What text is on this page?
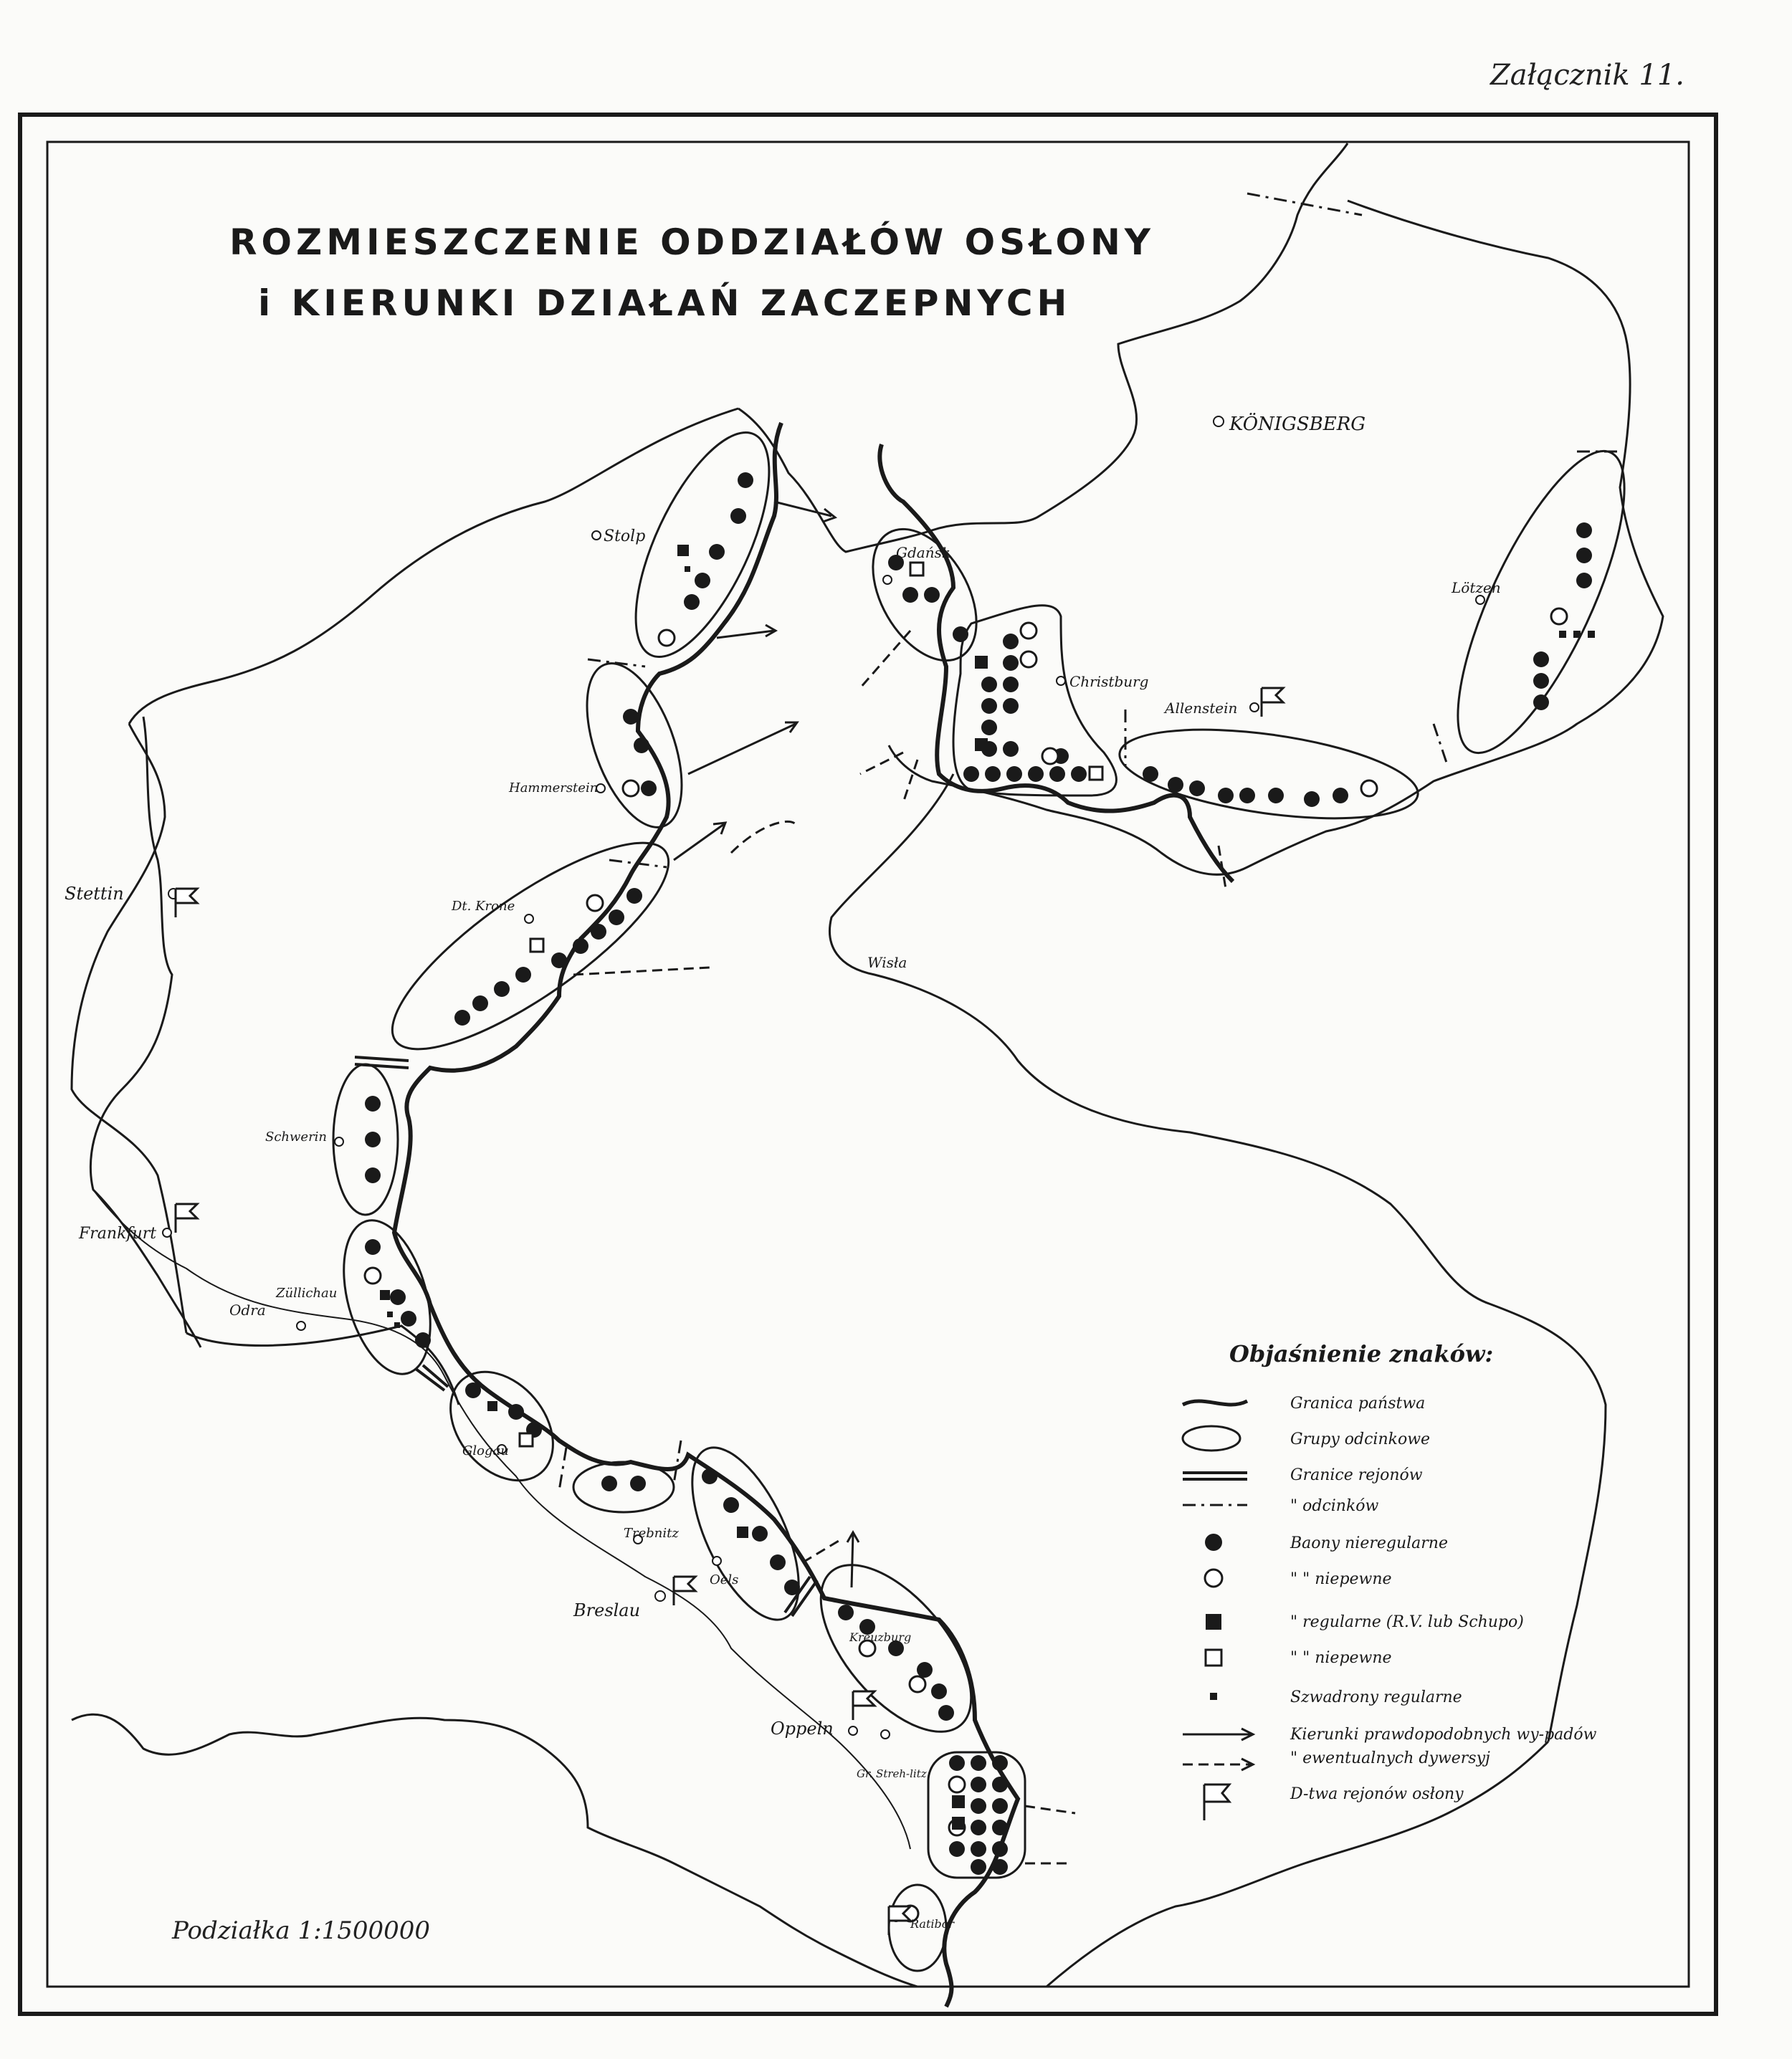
Załącznik 11.
ROZMIESZCZENIE ODDZIAŁÓW OSŁONY
i KIERUNKI DZIAŁAŃ ZACZEPNYCH
KÖNIGSBERG
Stolp
Gdańsk
Lötzen
Christburg
Allenstein
Hammerstein
Stettin
Dt. Krone
Schwerin
Frankfurt
Züllichau
Odra
Glogau
Trebnitz
Oels
Breslau
Kreuzburg
Oppeln
Gr. Streh-litz
Ratibor
Wisła
Objaśnienie znaków:
Granica państwa
Grupy odcinkowe
Granice rejonów
" odcinków
Baony nieregularne
" " niepewne
" regularne (R.V. lub Schupo)
" " niepewne
Szwadrony regularne
Kierunki prawdopodobnych wy-padów
" ewentualnych dywersyj
D-twa rejonów osłony
Podziałka 1:1500000
